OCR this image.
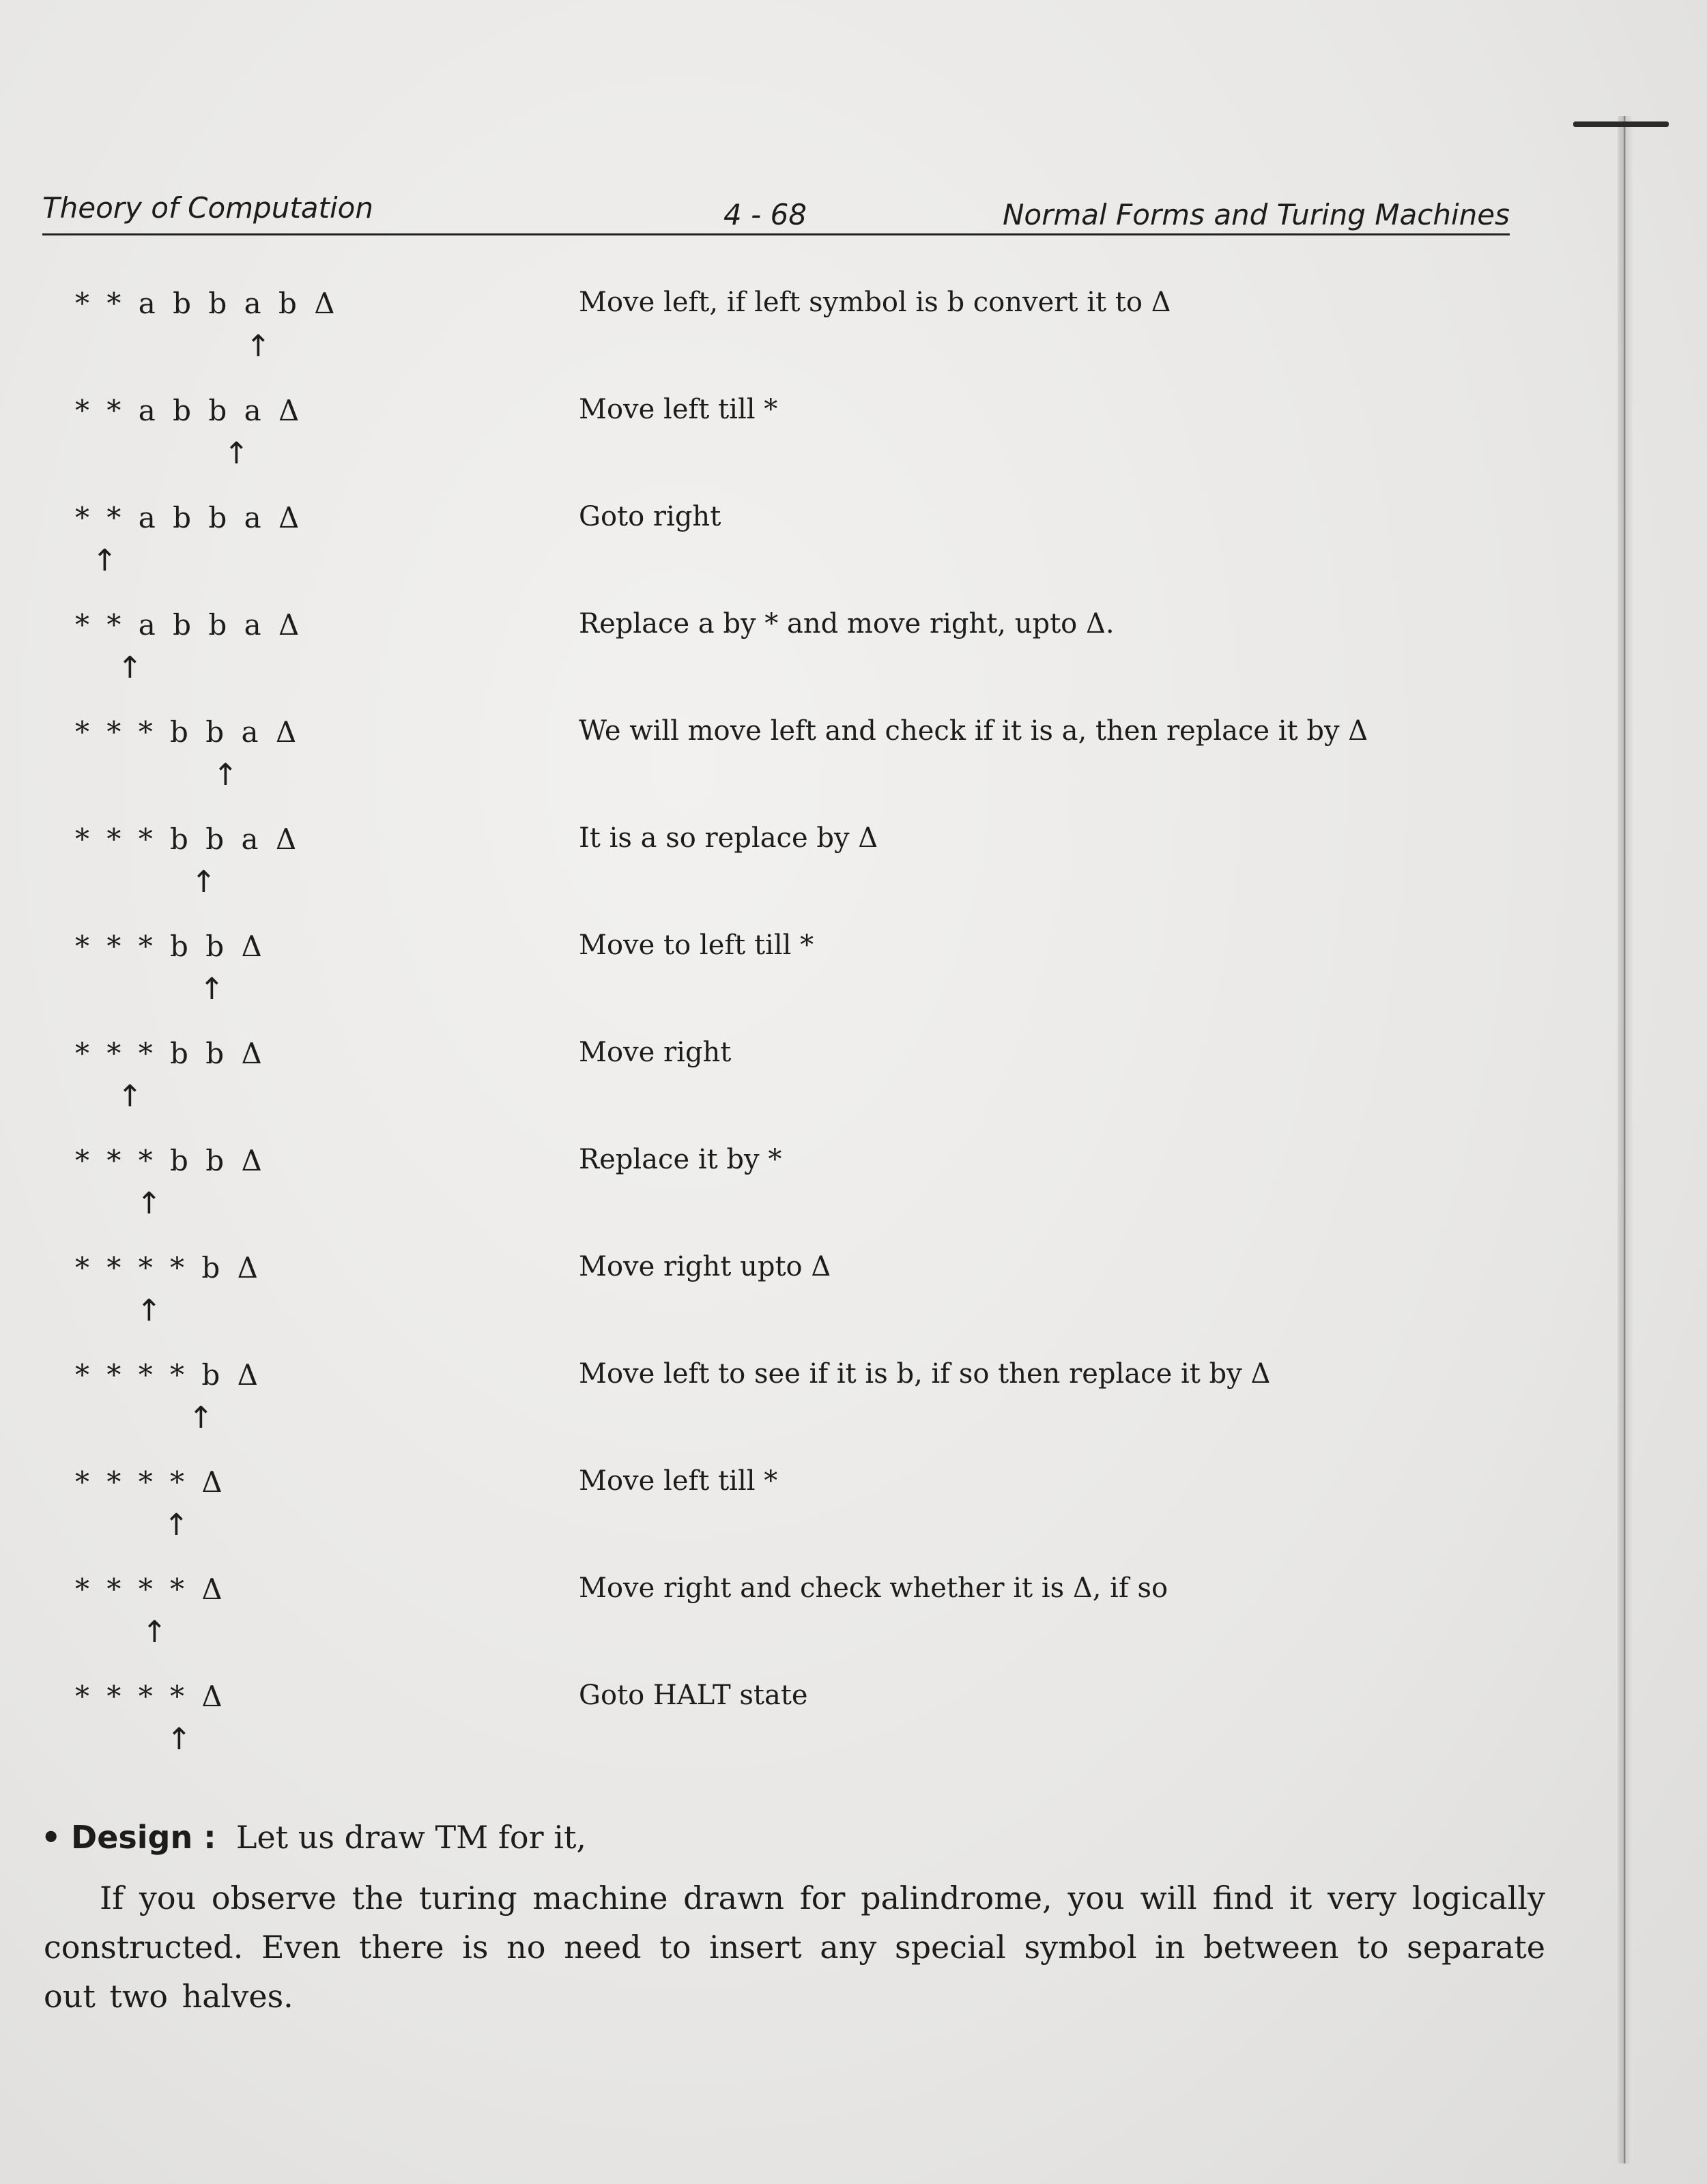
Theory of Computation	4 - 68	Normal Forms and Turing Machines
* * a b b a b Δ
↑
Move left, if left symbol is b convert it to Δ
* * a b b a Δ
↑
Move left till *
* * a b b a Δ
↑
Goto right
* * a b b a Δ
↑
Replace a by * and move right, upto Δ.
* * * b b a Δ
↑
We will move left and check if it is a, then replace it by Δ
* * * b b a Δ
↑
It is a so replace by Δ
* * * b b Δ
↑
Move to left till *
* * * b b Δ
↑
Move right
* * * b b Δ
↑
Replace it by *
* * * * b Δ
↑
Move right upto Δ
* * * * b Δ
↑
Move left to see if it is b, if so then replace it by Δ
* * * * Δ
↑
Move left till *
* * * * Δ
↑
Move right and check whether it is Δ, if so
* * * * Δ
↑
Goto HALT state
• Design : Let us draw TM for it,
If you observe the turing machine drawn for palindrome, you will find it very logically constructed. Even there is no need to insert any special symbol in between to separate out two halves.
